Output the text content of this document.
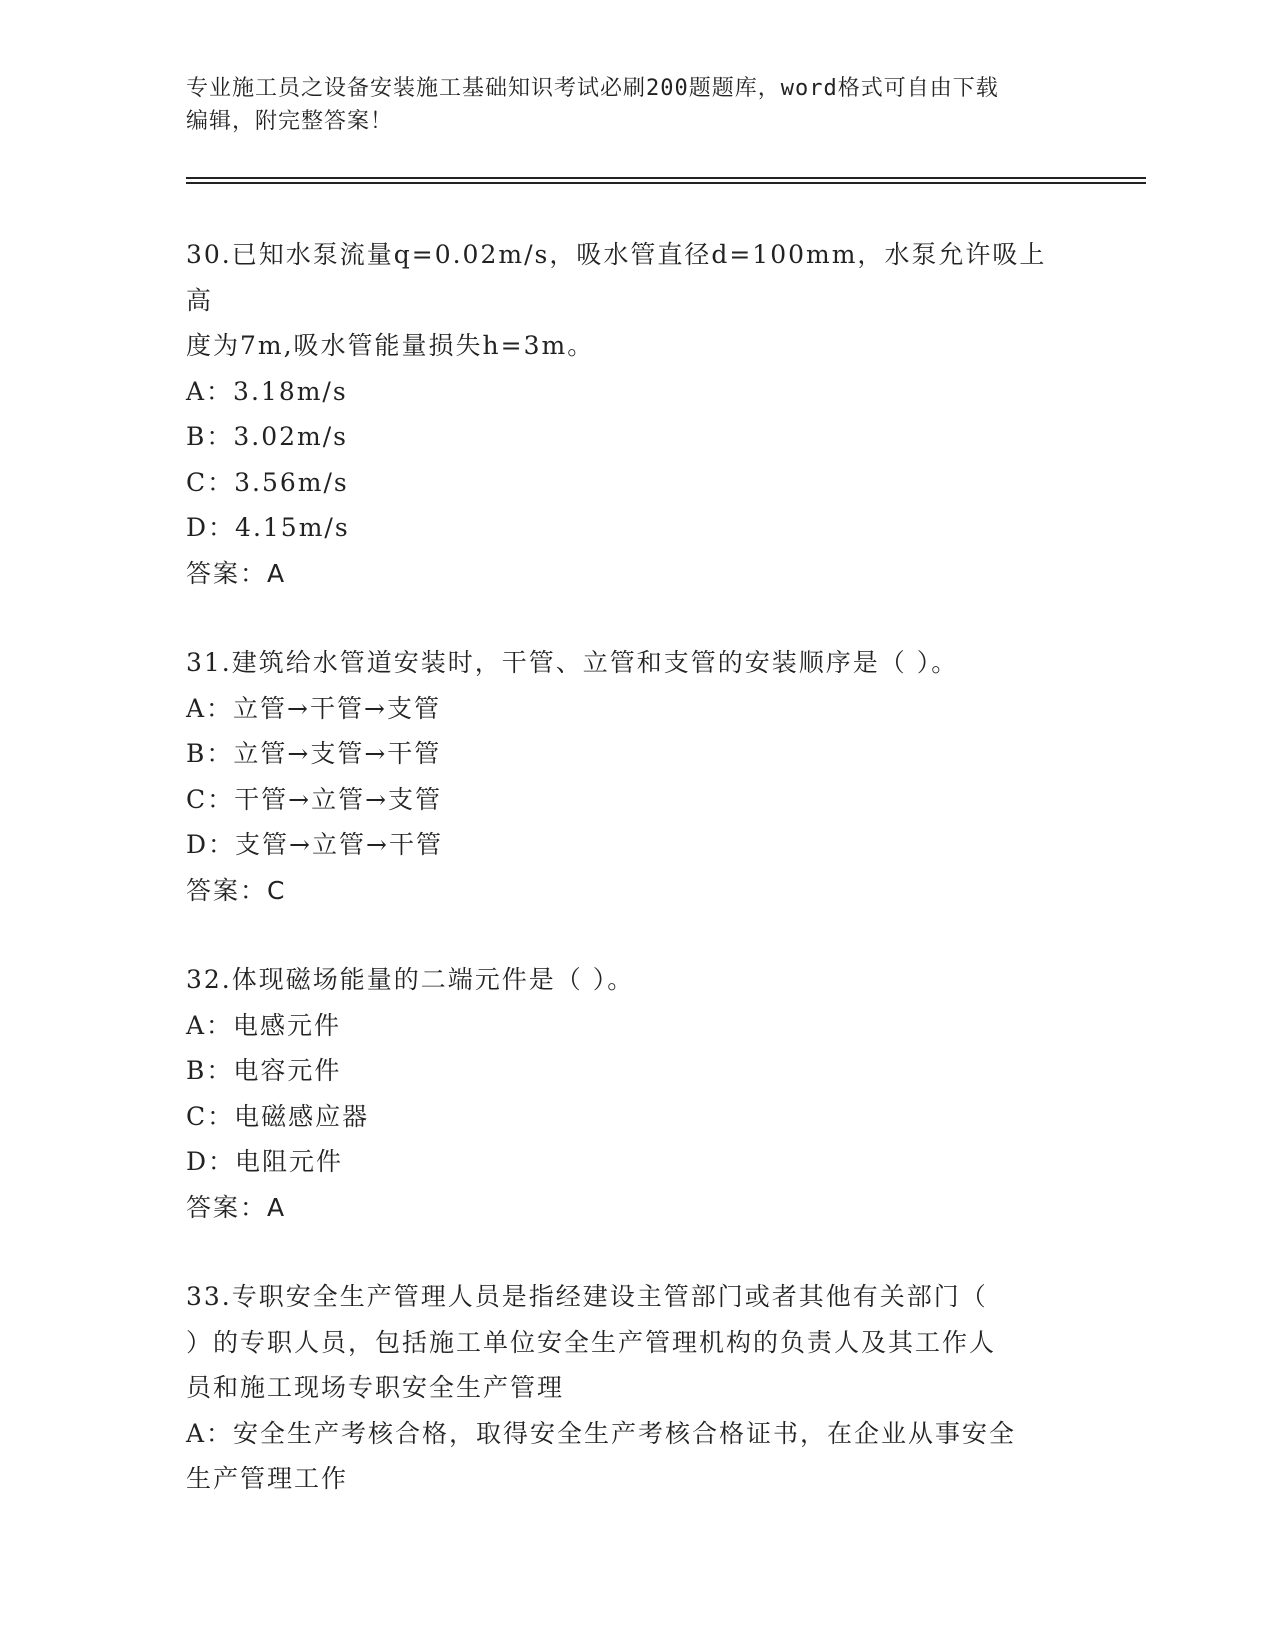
专业施工员之设备安装施工基础知识考试必刷200题题库，word格式可自由下载
编辑，附完整答案！
30.已知水泵流量q=0.02m/s，吸水管直径d=100mm，水泵允许吸上高
度为7m,吸水管能量损失h=3m。
A：3.18m/s
B：3.02m/s
C：3.56m/s
D：4.15m/s
答案：A
31.建筑给水管道安装时，干管、立管和支管的安装顺序是（ ）。
A：立管→干管→支管
B：立管→支管→干管
C：干管→立管→支管
D：支管→立管→干管
答案：C
32.体现磁场能量的二端元件是（ ）。
A：电感元件
B：电容元件
C：电磁感应器
D：电阻元件
答案：A
33.专职安全生产管理人员是指经建设主管部门或者其他有关部门（
）的专职人员，包括施工单位安全生产管理机构的负责人及其工作人
员和施工现场专职安全生产管理
A：安全生产考核合格，取得安全生产考核合格证书，在企业从事安全
生产管理工作
